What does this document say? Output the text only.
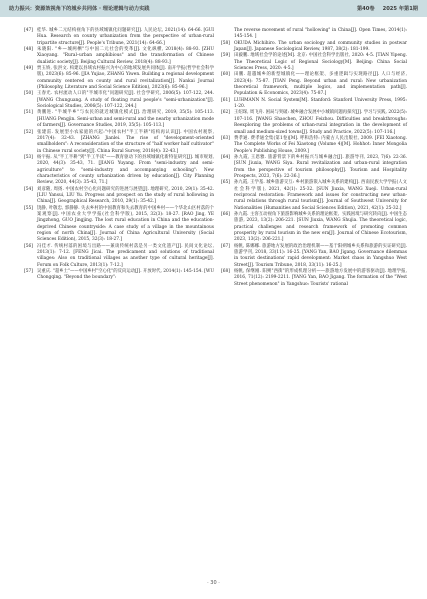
助力振兴：资源效视角下的城乡共同体 · 理论逻辑与动力实践	第40卷 2025 年第1期
[47] 桂华. 城乡二元结构视角下的县域城镇化问题研究[J]. 人民论坛, 2021(14): 64-66. [GUI Hua. Research on county urbanization from the perspective of urban-rural tripartite structure[J]. People's Tribune, 2021(14): 64-66.]
[48] 朱晓阳. "乡—城两栖"与中国二元社会的变革[J]. 文化纵横, 2018(4): 88-93. [ZHU Xiaoyang. "Rural–urban amphibious" and the transformation of Chinese dualistic society[J]. Beijing Cultural Review, 2018(4): 88-93.]
[49] 贾玉娇, 张洪文. 构建以县域农村振兴为中心的地域发展共同体[J]. 南开学报(哲学社会科学版), 2023(6): 85-96. [JIA Yujiao, ZHANG Yiwen. Building a regional development community centered on county and rural revitalization[J]. Nankai Journal (Philosophy, Literature and Social Science Edition), 2023(6): 85-96.]
[50] 王春光. 农村流动人口的"半城市化"问题研究[J]. 社会学研究, 2006(5): 107-122, 244. [WANG Chunguang. A study of floating rural people's "semi-urbanization"[J]. Sociological Studies, 2006(5): 107-122, 244.]
[51] 黄鹏进. "半城半乡"与农民的就近城镇化模式[J]. 治理研究, 2019, 35(5): 105-113. [HUANG Pengjin. Semi-urban and semi-rural and the nearby urbanization mode of farmers[J]. Governance Studies, 2019, 35(5): 105-113.]
[52] 张建雷. 发展型小农家庭的兴起:"中国农村"半工半耕"结构再认识[J]. 中国农村观察, 2017(4): 32-43. [ZHANG Jianlei. The rise of "development-oriented smallholders": A reconsideration of the structure of "half worker half cultivator" in Chinese rural society[J]. China Rural Survey, 2018(4): 32-43.]
[53] 杨宇振. 从"半工半耕"到"半工半读"——教育驱动下的县域城镇化新特征研究[J]. 城市规划, 2020, 44(3): 35-43, 71. [JIANG Yuyang. From "semi-industry and semi-agriculture" to "semi-industry and accompanying schooling": New characteristics of county urbanization driven by education[J]. City Planning Review, 2020, 44(3): 35-43, 71.]
[54] 刘彦随, 周扬. 中国农村空心化问题研究的进展与展望[J]. 地理研究, 2010, 29(1): 35-42. [LIU Yansui, LIU Yu. Progress and prospect on the study of rural hollowing in China[J]. Geographical Research, 2010, 29(1): 35-42.]
[55] 饶静, 叶敬忠, 郭静静. 失去乡村的中国教育和失去教育的中国乡村——个华北山区村落的个案观察[J]. 中国农业大学学报(社会科学版), 2015, 32(3): 18-27. [RAO Jing, YE Jingzhong, GUO Jingjing. The lost rural education in China and the education-deprived Chinese countryside: A case study of a village in the mountainous region of north China[J]. Journal of China Agricultural University (Social Sciences Edition), 2015, 32(3): 18-27.]
[56] 冯佳才. 传统村落的困境与出路——兼谈传统村落是另一类文化遗产[J]. 民间文化论坛, 2013(1): 7-12. [FENG Jicai. The predicament and solutions of traditional villages: Also on traditional villages as another type of cultural heritage[J]. Forum on Folk Culture, 2013(1): 7-12.]
[57] 吴重庆. "超乡土"——中国乡村"空心化"的反向运动[J]. 开放时代, 2014(1): 145-154. [WU Chongqing. "Beyond the boundary":
The reverse movement of rural "hollowing" in China[J]. Open Times, 2014(1): 145-154. ]
[58] OKUDA Michihiro. The urban sociology and community studies in postwar Japan[J]. Japanese Sociological Review, 1987, 38(2): 181-199.
[59] 田毅鹏. 地域社会学的论述[M]. 北京: 中国社会科学出版社, 2020: 4-5. [TIAN Yipeng. The Theoretical Logic of Regional Sociology[M]. Beijing: China Social Sciences Press, 2020: 4-5.]
[60] 田鹏. 超越城乡的新型城镇化——理论框架、多重逻辑与实现路径[J]. 人口与经济, 2023(4): 75-87. [TIAN Peng. Beyond urban and rural: New urbanization theoretical framework, multiple logics, and implementation path[J]. Population & Economics, 2023(4): 75-87.]
[61] LUHMANN N. Social System[M]. Stanford: Stanford University Press, 1995: 1-20.
[62] 王绍琛, 周飞舟. 困局与突破: 城乡融合发展中小城镇问题再探究[J]. 学习与实践, 2022(5): 107-116. [WANG Shaochen, ZHOU Feizhou. Difficulties and breakthroughs: Reexploring the problems of urban-rural integration in the development of small and medium-sized towns[J]. Study and Practice, 2022(5): 107-116.]
[63] 费孝通. 费孝通全集(第1卷)[M]. 呼和浩特: 内蒙古人民出版社, 2009. [FEI Xiaotong. The Complete Works of Fei Xiaotong (Volume 4)[M]. Hohhot: Inner Mongolia People's Publishing House, 2009.]
[64] 孙九霞, 王恩雅. 旅游背景下的乡村振兴与城乡融合[J]. 旅游导刊, 2023, 7(6): 22-36. [SUN Jiuxia, WANG Siya. Rural revitalization and urban-rural integration from the perspective of tourism philosophy[J]. Tourism and Hospitality Prospects, 2023, 7(6): 22-36.]
[65] 孙九霞, 王学基. 城乡旅游交互: 乡村旅游嵌入城乡关系的建构[J]. 西南民族大学学报(人文社会科学版), 2021, 42(1): 25-32. [SUN Jiuxia, WANG Xueji. Urban-rural reciprocal restoration: Framework and issues for constructing new urban-rural relations through rural tourism[J]. Journal of Southwest University for Nationalities (Humanities and Social Sciences Edition), 2021, 42(1): 25-32.]
[66] 孙九霞. 主客互动视角下旅游影响城乡关系的理论框架、实践困境与研究转向[J]. 中国生态旅游, 2023, 13(2): 206-221. [SUN Jiuxia, WANG Shujia. The theoretical logic, practical challenges and research framework of promoting common prosperity by rural tourism in the new era[J]. Journal of Chinese Ecotourism, 2023, 13(2): 206-221.]
[67] 杨帆, 陈娜娜. 旅游地方发展的政治治理机制——基于阳朔城乡关系和旅游的实证研究[J]. 旅游学刊, 2018, 33(11): 16-25. [YANG Yan, BAO Jigang. Governance dilemmas in tourist destinations' rapid development: Market chaos in Yangshuo West Street[J]. Tourism Tribune, 2018, 33(11): 16-25.]
[68] 杨帆, 保继刚. 阳朔"西街"的形成机理分析——旅游地方发展中的游客驱动[J]. 地理学报, 2016, 71(12): 2199-2211. [YANG Yan, BAO Jigang. The formation of the "West Street phenomenon" in Yangshuo: Tourists' rational
· 30 ·
